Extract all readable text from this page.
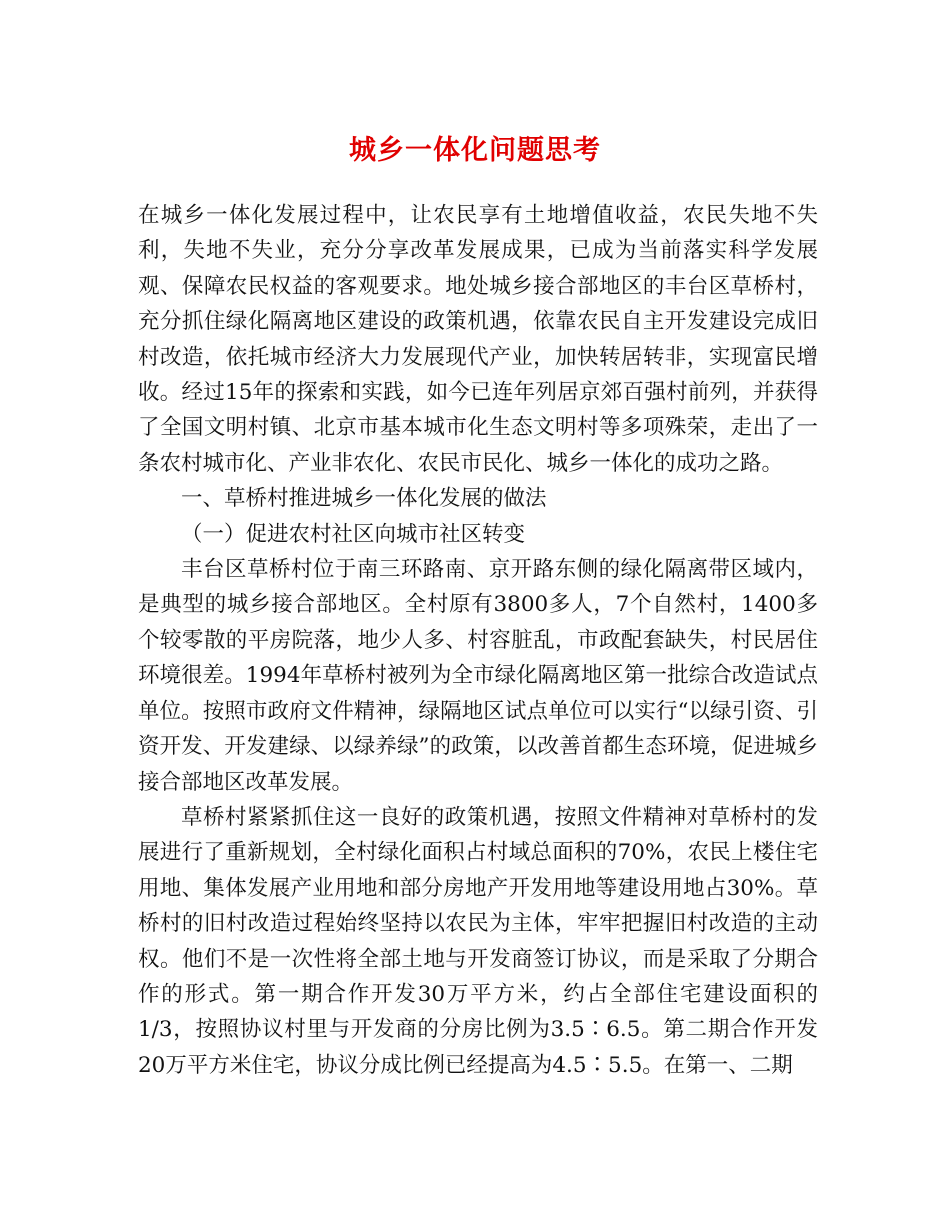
城乡一体化问题思考

在城乡一体化发展过程中，让农民享有土地增值收益，农民失地不失利，失地不失业，充分分享改革发展成果，已成为当前落实科学发展观、保障农民权益的客观要求。地处城乡接合部地区的丰台区草桥村，充分抓住绿化隔离地区建设的政策机遇，依靠农民自主开发建设完成旧村改造，依托城市经济大力发展现代产业，加快转居转非，实现富民增收。经过15年的探索和实践，如今已连年列居京郊百强村前列，并获得了全国文明村镇、北京市基本城市化生态文明村等多项殊荣，走出了一条农村城市化、产业非农化、农民市民化、城乡一体化的成功之路。

一、草桥村推进城乡一体化发展的做法

（一）促进农村社区向城市社区转变

丰台区草桥村位于南三环路南、京开路东侧的绿化隔离带区域内，是典型的城乡接合部地区。全村原有3800多人，7个自然村，1400多个较零散的平房院落，地少人多、村容脏乱，市政配套缺失，村民居住环境很差。1994年草桥村被列为全市绿化隔离地区第一批综合改造试点单位。按照市政府文件精神，绿隔地区试点单位可以实行“以绿引资、引资开发、开发建绿、以绿养绿”的政策，以改善首都生态环境，促进城乡接合部地区改革发展。

草桥村紧紧抓住这一良好的政策机遇，按照文件精神对草桥村的发展进行了重新规划，全村绿化面积占村域总面积的70%，农民上楼住宅用地、集体发展产业用地和部分房地产开发用地等建设用地占30%。草桥村的旧村改造过程始终坚持以农民为主体，牢牢把握旧村改造的主动权。他们不是一次性将全部土地与开发商签订协议，而是采取了分期合作的形式。第一期合作开发30万平方米，约占全部住宅建设面积的1/3，按照协议村里与开发商的分房比例为3.5∶6.5。第二期合作开发20万平方米住宅，协议分成比例已经提高为4.5∶5.5。在第一、二期
